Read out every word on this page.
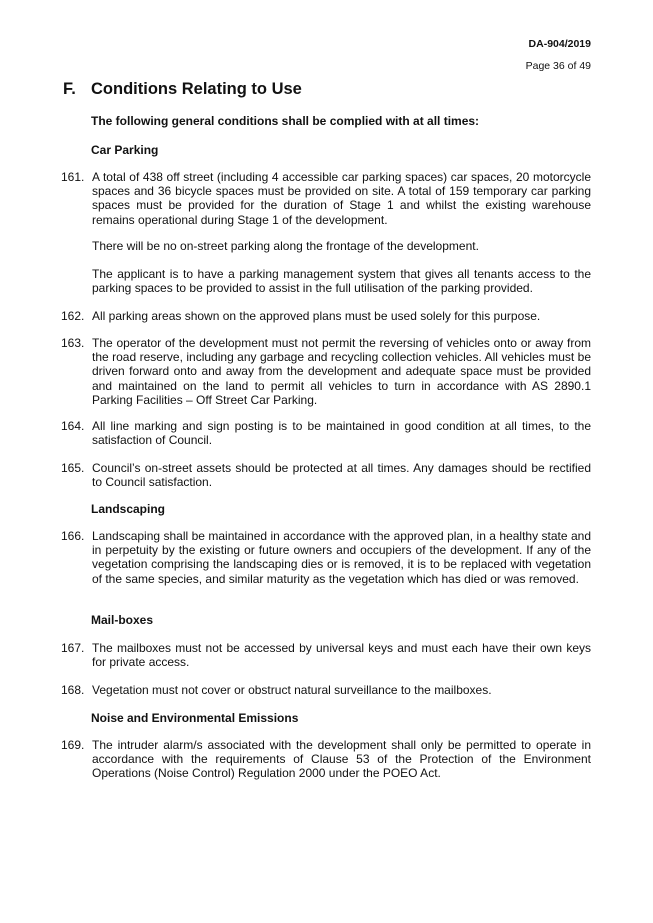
DA-904/2019
Page 36 of 49
F. Conditions Relating to Use
The following general conditions shall be complied with at all times:
Car Parking
161. A total of 438 off street (including 4 accessible car parking spaces) car spaces, 20 motorcycle spaces and 36 bicycle spaces must be provided on site. A total of 159 temporary car parking spaces must be provided for the duration of Stage 1 and whilst the existing warehouse remains operational during Stage 1 of the development.
There will be no on-street parking along the frontage of the development.
The applicant is to have a parking management system that gives all tenants access to the parking spaces to be provided to assist in the full utilisation of the parking provided.
162. All parking areas shown on the approved plans must be used solely for this purpose.
163. The operator of the development must not permit the reversing of vehicles onto or away from the road reserve, including any garbage and recycling collection vehicles. All vehicles must be driven forward onto and away from the development and adequate space must be provided and maintained on the land to permit all vehicles to turn in accordance with AS 2890.1 Parking Facilities – Off Street Car Parking.
164. All line marking and sign posting is to be maintained in good condition at all times, to the satisfaction of Council.
165. Council’s on-street assets should be protected at all times. Any damages should be rectified to Council satisfaction.
Landscaping
166. Landscaping shall be maintained in accordance with the approved plan, in a healthy state and in perpetuity by the existing or future owners and occupiers of the development. If any of the vegetation comprising the landscaping dies or is removed, it is to be replaced with vegetation of the same species, and similar maturity as the vegetation which has died or was removed.
Mail-boxes
167. The mailboxes must not be accessed by universal keys and must each have their own keys for private access.
168. Vegetation must not cover or obstruct natural surveillance to the mailboxes.
Noise and Environmental Emissions
169. The intruder alarm/s associated with the development shall only be permitted to operate in accordance with the requirements of Clause 53 of the Protection of the Environment Operations (Noise Control) Regulation 2000 under the POEO Act.
